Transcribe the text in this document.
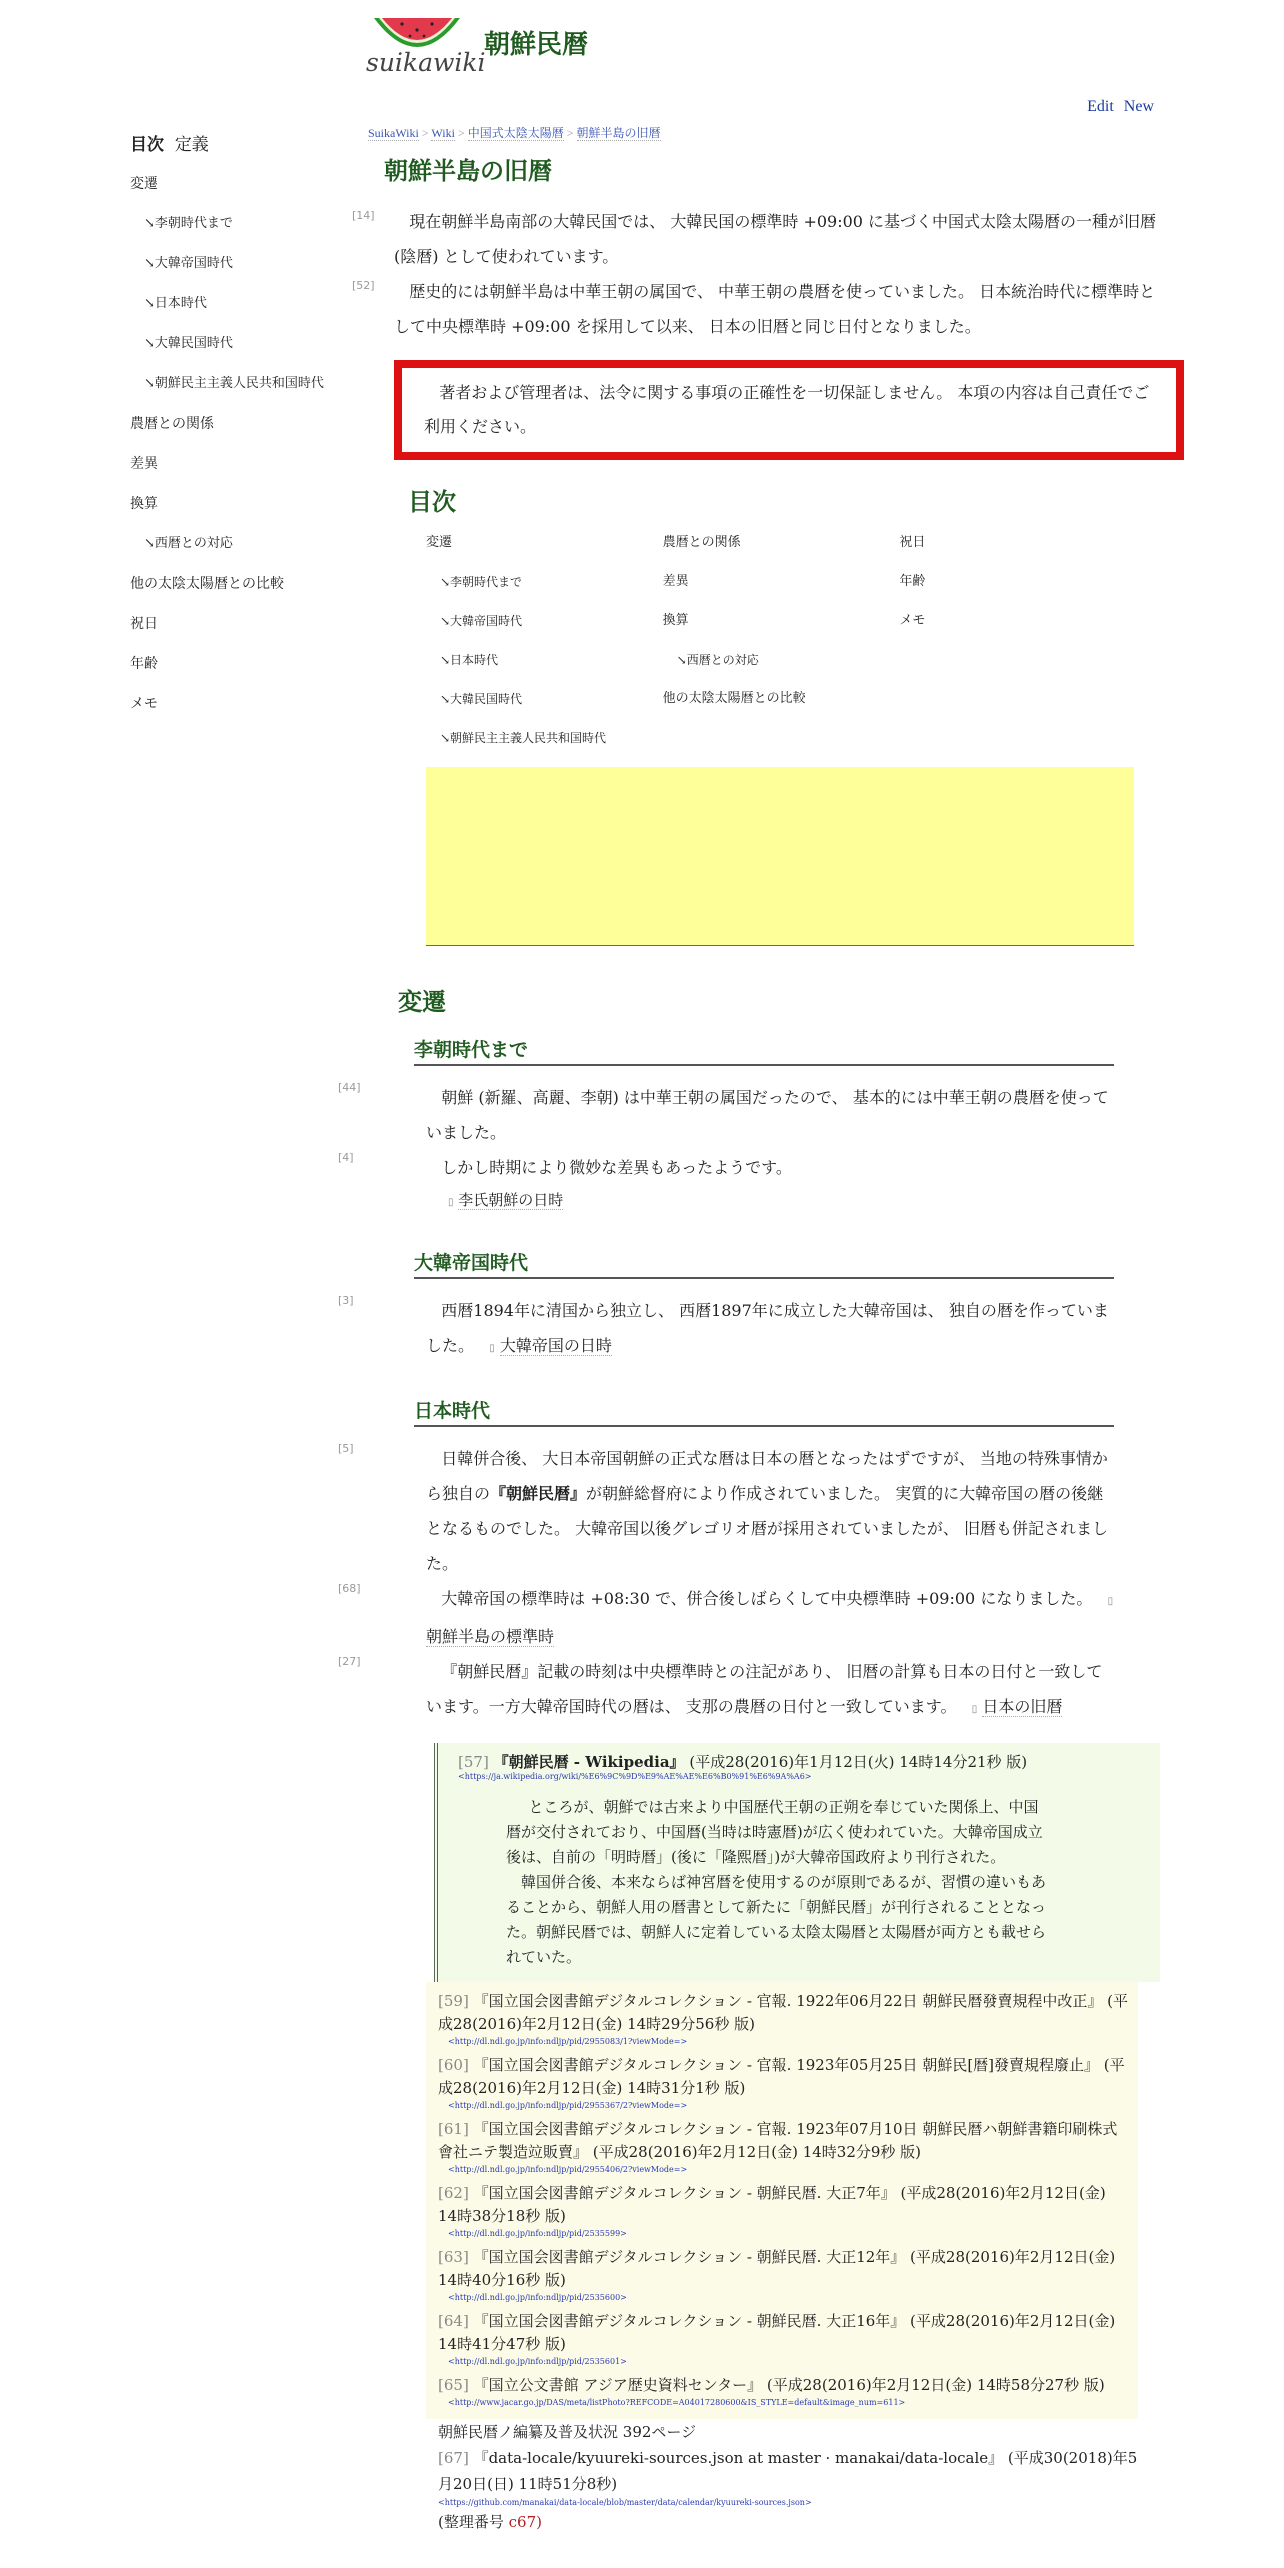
suikawiki
朝鮮民暦
Edit New
目次 定義
変遷
↘李朝時代まで
↘大韓帝国時代
↘日本時代
↘大韓民国時代
↘朝鮮民主主義人民共和国時代
農暦との関係
差異
換算
↘西暦との対応
他の太陰太陽暦との比較
祝日
年齢
メモ
SuikaWiki > Wiki > 中国式太陰太陽暦 > 朝鮮半島の旧暦
朝鮮半島の旧暦
[14] 現在朝鮮半島南部の大韓民国では、 大韓民国の標準時 +09:00 に基づく中国式太陰太陽暦の一種が旧暦 (陰暦) として使われています。
[52] 歴史的には朝鮮半島は中華王朝の属国で、 中華王朝の農暦を使っていました。 日本統治時代に標準時として中央標準時 +09:00 を採用して以来、 日本の旧暦と同じ日付となりました。
著者および管理者は、法令に関する事項の正確性を一切保証しません。 本項の内容は自己責任でご利用ください。
目次
変遷
↘李朝時代まで
↘大韓帝国時代
↘日本時代
↘大韓民国時代
↘朝鮮民主主義人民共和国時代
農暦との関係
差異
換算
↘西暦との対応
他の太陰太陽暦との比較
祝日
年齢
メモ
変遷
李朝時代まで
[44]
朝鮮 (新羅、高麗、李朝) は中華王朝の属国だったので、 基本的には中華王朝の農暦を使っていました。
[4]
しかし時期により微妙な差異もあったようです。
▯ 李氏朝鮮の日時
大韓帝国時代
[3]
西暦1894年に清国から独立し、 西暦1897年に成立した大韓帝国は、 独自の暦を作っていました。 ▯ 大韓帝国の日時
日本時代
[5]
日韓併合後、 大日本帝国朝鮮の正式な暦は日本の暦となったはずですが、 当地の特殊事情から独自の『朝鮮民暦』が朝鮮総督府により作成されていました。 実質的に大韓帝国の暦の後継となるものでした。 大韓帝国以後グレゴリオ暦が採用されていましたが、 旧暦も併記されました。
[68]
大韓帝国の標準時は +08:30 で、併合後しばらくして中央標準時 +09:00 になりました。 ▯ 朝鮮半島の標準時
[27]
『朝鮮民暦』記載の時刻は中央標準時との注記があり、 旧暦の計算も日本の日付と一致しています。一方大韓帝国時代の暦は、 支那の農暦の日付と一致しています。 ▯ 日本の旧暦
[57] 『朝鮮民暦 - Wikipedia』 (平成28(2016)年1月12日(火) 14時14分21秒 版)
<https://ja.wikipedia.org/wiki/%E6%9C%9D%E9%AE%AE%E6%B0%91%E6%9A%A6>
ところが、朝鮮では古来より中国歴代王朝の正朔を奉じていた関係上、中国暦が交付されており、中国暦(当時は時憲暦)が広く使われていた。大韓帝国成立後は、自前の「明時暦」(後に「隆熙暦」)が大韓帝国政府より刊行された。
韓国併合後、本来ならば神宮暦を使用するのが原則であるが、習慣の違いもあることから、朝鮮人用の暦書として新たに「朝鮮民暦」が刊行されることとなった。朝鮮民暦では、朝鮮人に定着している太陰太陽暦と太陽暦が両方とも載せられていた。
[59] 『国立国会図書館デジタルコレクション - 官報. 1922年06月22日 朝鮮民暦發賣規程中改正』 (平成28(2016)年2月12日(金) 14時29分56秒 版)
<http://dl.ndl.go.jp/info:ndljp/pid/2955083/1?viewMode=>
[60] 『国立国会図書館デジタルコレクション - 官報. 1923年05月25日 朝鮮民[暦]發賣規程廢止』 (平成28(2016)年2月12日(金) 14時31分1秒 版)
<http://dl.ndl.go.jp/info:ndljp/pid/2955367/2?viewMode=>
[61] 『国立国会図書館デジタルコレクション - 官報. 1923年07月10日 朝鮮民暦ハ朝鮮書籍印刷株式會社ニテ製造竝販賣』 (平成28(2016)年2月12日(金) 14時32分9秒 版)
<http://dl.ndl.go.jp/info:ndljp/pid/2955406/2?viewMode=>
[62] 『国立国会図書館デジタルコレクション - 朝鮮民暦. 大正7年』 (平成28(2016)年2月12日(金) 14時38分18秒 版)
<http://dl.ndl.go.jp/info:ndljp/pid/2535599>
[63] 『国立国会図書館デジタルコレクション - 朝鮮民暦. 大正12年』 (平成28(2016)年2月12日(金) 14時40分16秒 版)
<http://dl.ndl.go.jp/info:ndljp/pid/2535600>
[64] 『国立国会図書館デジタルコレクション - 朝鮮民暦. 大正16年』 (平成28(2016)年2月12日(金) 14時41分47秒 版)
<http://dl.ndl.go.jp/info:ndljp/pid/2535601>
[65] 『国立公文書館 アジア歴史資料センター』 (平成28(2016)年2月12日(金) 14時58分27秒 版)
<http://www.jacar.go.jp/DAS/meta/listPhoto?REFCODE=A04017280600&IS_STYLE=default&image_num=611>
朝鮮民暦ノ編纂及普及状況 392ページ
[67] 『data-locale/kyuureki-sources.json at master · manakai/data-locale』 (平成30(2018)年5月20日(日) 11時51分8秒)
<https://github.com/manakai/data-locale/blob/master/data/calendar/kyuureki-sources.json>
(整理番号 c67)
